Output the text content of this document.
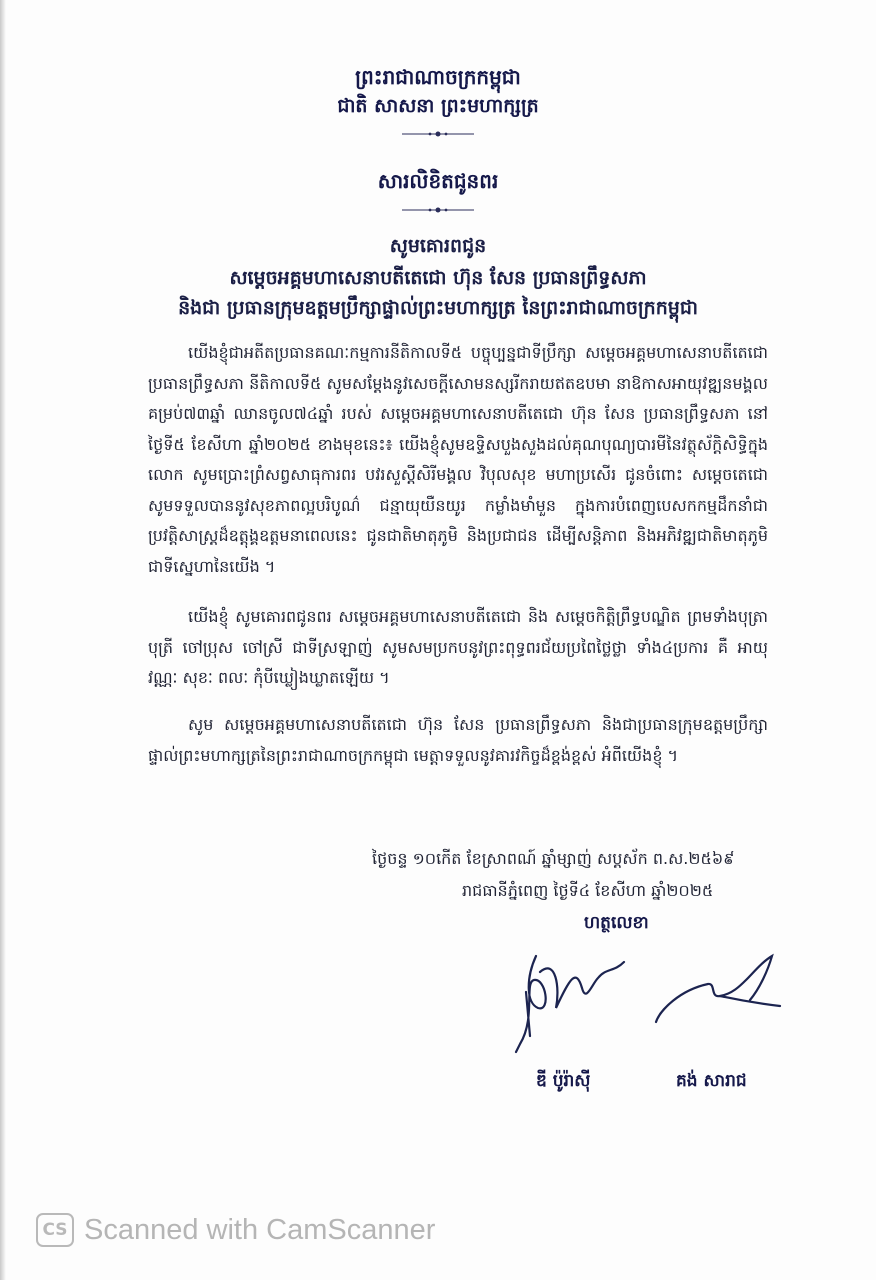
ព្រះរាជាណាចក្រកម្ពុជា
ជាតិ សាសនា ព្រះមហាក្សត្រ
សារលិខិតជូនពរ
សូមគោរពជូន
សម្តេចអគ្គមហាសេនាបតីតេជោ ហ៊ុន សែន ប្រធានព្រឹទ្ធសភា
និងជា ប្រធានក្រុមឧត្តមប្រឹក្សាផ្ទាល់ព្រះមហាក្សត្រ នៃព្រះរាជាណាចក្រកម្ពុជា

យើងខ្ញុំជាអតីតប្រធានគណៈកម្មការនីតិកាលទី៥ បច្ចុប្បន្នជាទីប្រឹក្សា សម្តេចអគ្គមហាសេនាបតីតេជោ ប្រធានព្រឹទ្ធសភា នីតិកាលទី៥ សូមសម្តែងនូវសេចក្តីសោមនស្សរីករាយឥតឧបមា នាឱកាសអាយុវឌ្ឍនមង្គលគម្រប់៧៣ឆ្នាំ ឈានចូល៧៤ឆ្នាំ របស់ សម្តេចអគ្គមហាសេនាបតីតេជោ ហ៊ុន សែន ប្រធានព្រឹទ្ធសភា នៅថ្ងៃទី៥ ខែសីហា ឆ្នាំ២០២៥ ខាងមុខនេះ៖ យើងខ្ញុំសូមឧទ្ទិសបួងសួងដល់គុណបុណ្យបារមីនៃវត្ថុស័ក្តិសិទ្ធិក្នុងលោក សូមប្រោះព្រំសព្វសាធុការពរ បវរសួស្តីសិរីមង្គល វិបុលសុខ មហាប្រសើរ ជូនចំពោះ សម្តេចតេជោ សូមទទួលបាននូវសុខភាពល្អបរិបូណ៌ ជន្មាយុយឺនយូរ កម្លាំងមាំមួន ក្នុងការបំពេញបេសកកម្មដឹកនាំជាប្រវត្តិសាស្ត្រដ៏ឧត្តុង្គឧត្តមនាពេលនេះ ជូនជាតិមាតុភូមិ និងប្រជាជន ដើម្បីសន្តិភាព និងអភិវឌ្ឍជាតិមាតុភូមិជាទីស្នេហានៃយើង ។

យើងខ្ញុំ សូមគោរពជូនពរ សម្តេចអគ្គមហាសេនាបតីតេជោ និង សម្តេចកិត្តិព្រឹទ្ធបណ្ឌិត ព្រមទាំងបុត្រា បុត្រី ចៅប្រុស ចៅស្រី ជាទីស្រឡាញ់ សូមសមប្រកបនូវព្រះពុទ្ធពរជ័យប្រពៃថ្លៃថ្លា ទាំង៤ប្រការ គឺ អាយុ វណ្ណៈ សុខៈ ពលៈ កុំបីឃ្លៀងឃ្លាតឡើយ ។

សូម សម្តេចអគ្គមហាសេនាបតីតេជោ ហ៊ុន សែន ប្រធានព្រឹទ្ធសភា និងជាប្រធានក្រុមឧត្តមប្រឹក្សាផ្ទាល់ព្រះមហាក្សត្រនៃព្រះរាជាណាចក្រកម្ពុជា មេត្តាទទួលនូវគារវកិច្ចដ៏ខ្ពង់ខ្ពស់ អំពីយើងខ្ញុំ ។

ថ្ងៃចន្ទ ១០កើត ខែស្រាពណ៍ ឆ្នាំម្សាញ់ សប្តស័ក ព.ស.២៥៦៩
រាជធានីភ្នំពេញ ថ្ងៃទី៤ ខែសីហា ឆ្នាំ២០២៥
ហត្ថលេខា
ឌី ប៉ូរ៉ាស៊ី	គង់ សារាជ
CS Scanned with CamScanner
